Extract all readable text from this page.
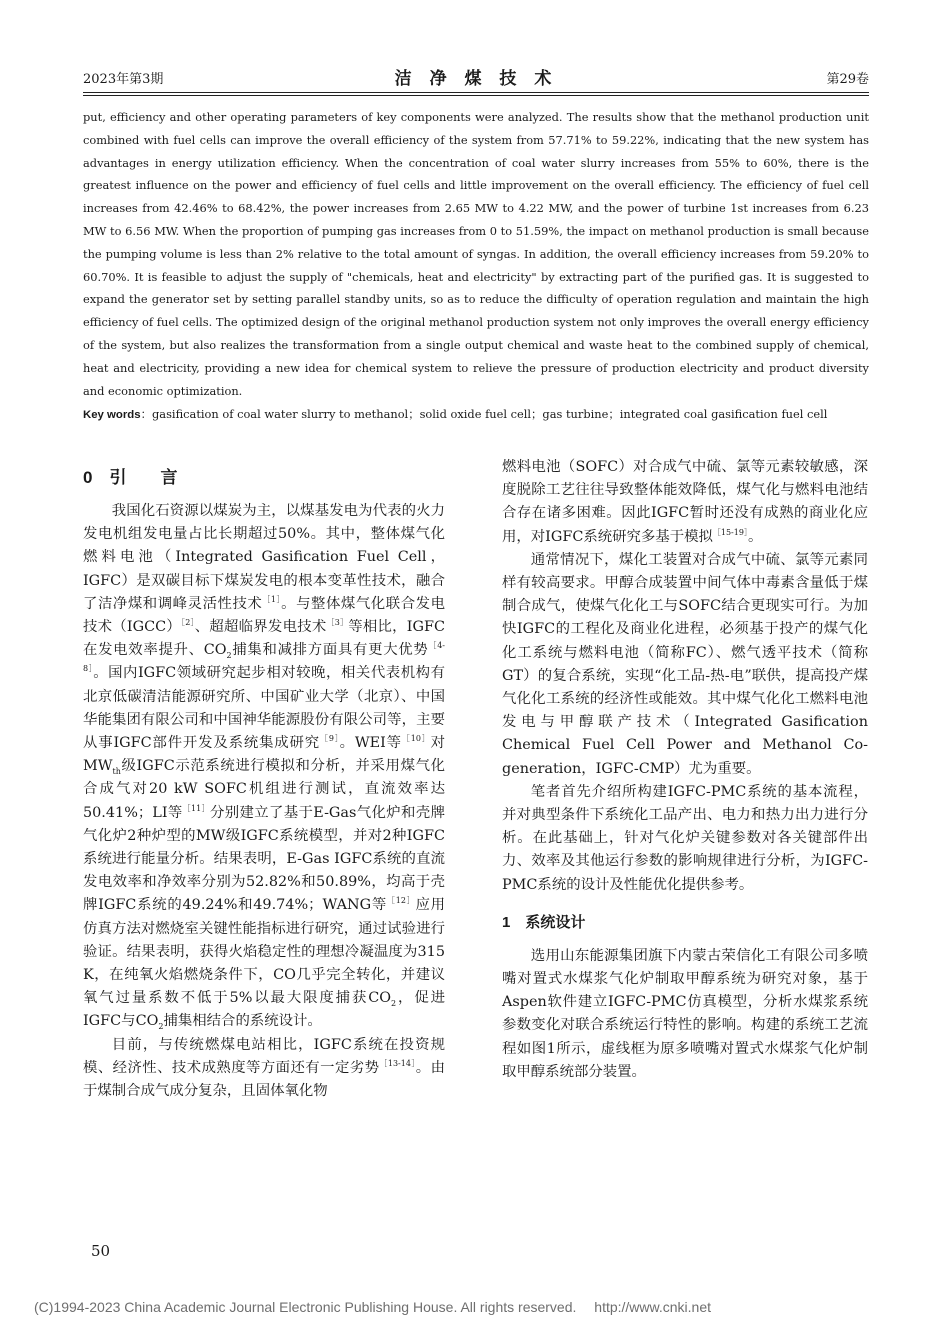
2023年第3期	洁 净 煤 技 术	第29卷
put, efficiency and other operating parameters of key components were analyzed. The results show that the methanol production unit combined with fuel cells can improve the overall efficiency of the system from 57.71% to 59.22%, indicating that the new system has advantages in energy utilization efficiency. When the concentration of coal water slurry increases from 55% to 60%, there is the greatest influence on the power and efficiency of fuel cells and little improvement on the overall efficiency. The efficiency of fuel cell increases from 42.46% to 68.42%, the power increases from 2.65 MW to 4.22 MW, and the power of turbine 1st increases from 6.23 MW to 6.56 MW. When the proportion of pumping gas increases from 0 to 51.59%, the impact on methanol production is small because the pumping volume is less than 2% relative to the total amount of syngas. In addition, the overall efficiency increases from 59.20% to 60.70%. It is feasible to adjust the supply of "chemicals, heat and electricity" by extracting part of the purified gas. It is suggested to expand the generator set by setting parallel standby units, so as to reduce the difficulty of operation regulation and maintain the high efficiency of fuel cells. The optimized design of the original methanol production system not only improves the overall energy efficiency of the system, but also realizes the transformation from a single output chemical and waste heat to the combined supply of chemical, heat and electricity, providing a new idea for chemical system to relieve the pressure of production electricity and product diversity and economic optimization.
Key words：gasification of coal water slurry to methanol；solid oxide fuel cell；gas turbine；integrated coal gasification fuel cell
0　引　　言

我国化石资源以煤炭为主，以煤基发电为代表的火力发电机组发电量占比长期超过50%。其中，整体煤气化燃料电池（Integrated Gasification Fuel Cell，IGFC）是双碳目标下煤炭发电的根本变革性技术，融合了洁净煤和调峰灵活性技术$^{[1]}$。与整体煤气化联合发电技术（IGCC）$^{[2]}$、超超临界发电技术$^{[3]}$等相比，IGFC在发电效率提升、$CO_2$捕集和减排方面具有更大优势$^{[4-8]}$。国内IGFC领域研究起步相对较晚，相关代表机构有北京低碳清洁能源研究所、中国矿业大学（北京）、中国华能集团有限公司和中国神华能源股份有限公司等，主要从事IGFC部件开发及系统集成研究$^{[9]}$。WEI等$^{[10]}$对$MW_{th}$级IGFC示范系统进行模拟和分析，并采用煤气化合成气对20 kW SOFC机组进行测试，直流效率达50.41%；LI等$^{[11]}$分别建立了基于E-Gas气化炉和壳牌气化炉2种炉型的MW级IGFC系统模型，并对2种IGFC系统进行能量分析。结果表明，E-Gas IGFC系统的直流发电效率和净效率分别为52.82%和50.89%，均高于壳牌IGFC系统的49.24%和49.74%；WANG等$^{[12]}$应用仿真方法对燃烧室关键性能指标进行研究，通过试验进行验证。结果表明，获得火焰稳定性的理想冷凝温度为315 K，在纯氧火焰燃烧条件下，CO几乎完全转化，并建议氧气过量系数不低于5%以最大限度捕获$CO_2$，促进IGFC与$CO_2$捕集相结合的系统设计。

目前，与传统燃煤电站相比，IGFC系统在投资规模、经济性、技术成熟度等方面还有一定劣势$^{[13-14]}$。由于煤制合成气成分复杂，且固体氧化物

燃料电池（SOFC）对合成气中硫、氯等元素较敏感，深度脱除工艺往往导致整体能效降低，煤气化与燃料电池结合存在诸多困难。因此IGFC暂时还没有成熟的商业化应用，对IGFC系统研究多基于模拟$^{[15-19]}$。

通常情况下，煤化工装置对合成气中硫、氯等元素同样有较高要求。甲醇合成装置中间气体中毒素含量低于煤制合成气，使煤气化化工与SOFC结合更现实可行。为加快IGFC的工程化及商业化进程，必须基于投产的煤气化化工系统与燃料电池（简称FC）、燃气透平技术（简称GT）的复合系统，实现“化工品-热-电”联供，提高投产煤气化化工系统的经济性或能效。其中煤气化化工燃料电池发电与甲醇联产技术（Integrated Gasification Chemical Fuel Cell Power and Methanol Co-generation，IGFC-CMP）尤为重要。

笔者首先介绍所构建IGFC-PMC系统的基本流程，并对典型条件下系统化工品产出、电力和热力出力进行分析。在此基础上，针对气化炉关键参数对各关键部件出力、效率及其他运行参数的影响规律进行分析，为IGFC-PMC系统的设计及性能优化提供参考。

1　系统设计

选用山东能源集团旗下内蒙古荣信化工有限公司多喷嘴对置式水煤浆气化炉制取甲醇系统为研究对象，基于Aspen软件建立IGFC-PMC仿真模型，分析水煤浆系统参数变化对联合系统运行特性的影响。构建的系统工艺流程如图1所示，虚线框为原多喷嘴对置式水煤浆气化炉制取甲醇系统部分装置。

50
(C)1994-2023 China Academic Journal Electronic Publishing House. All rights reserved.　 http://www.cnki.net
